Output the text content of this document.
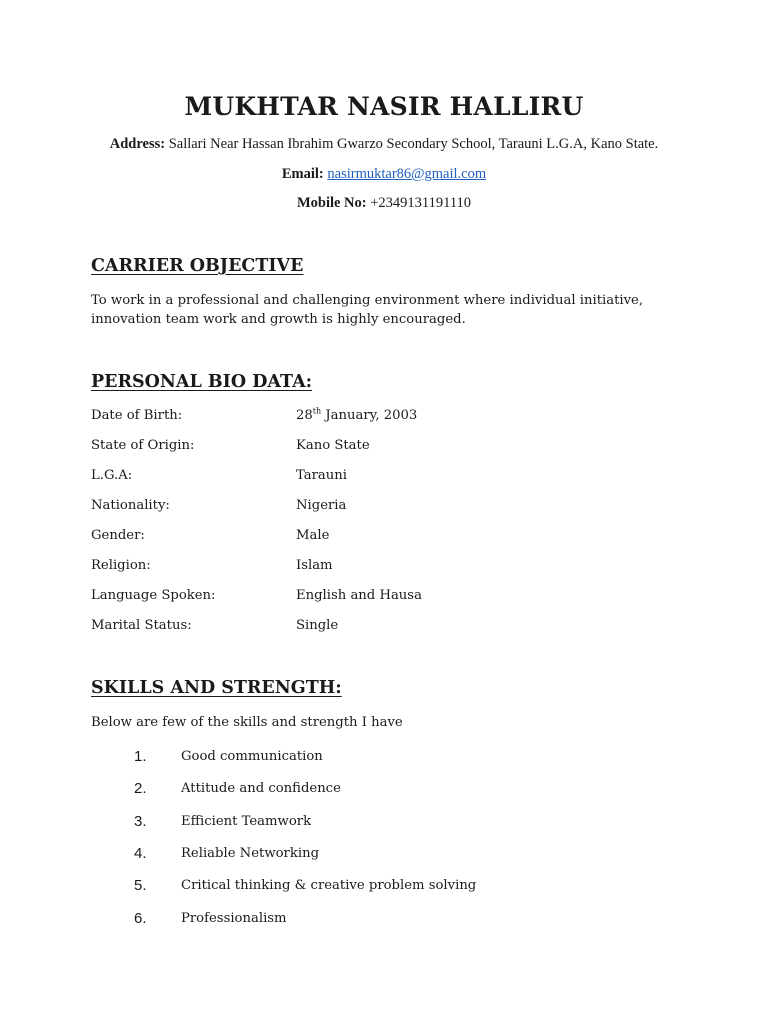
MUKHTAR NASIR HALLIRU
Address: Sallari Near Hassan Ibrahim Gwarzo Secondary School, Tarauni L.G.A, Kano State.
Email: nasirmuktar86@gmail.com
Mobile No: +2349131191110
CARRIER OBJECTIVE
To work in a professional and challenging environment where individual initiative,
innovation team work and growth is highly encouraged.
PERSONAL BIO DATA:
Date of Birth:	28th January, 2003
State of Origin:	Kano State
L.G.A:	Tarauni
Nationality:	Nigeria
Gender:	Male
Religion:	Islam
Language Spoken:	English and Hausa
Marital Status:	Single
SKILLS AND STRENGTH:
Below are few of the skills and strength I have
1.	Good communication
2.	Attitude and confidence
3.	Efficient Teamwork
4.	Reliable Networking
5.	Critical thinking & creative problem solving
6.	Professionalism
